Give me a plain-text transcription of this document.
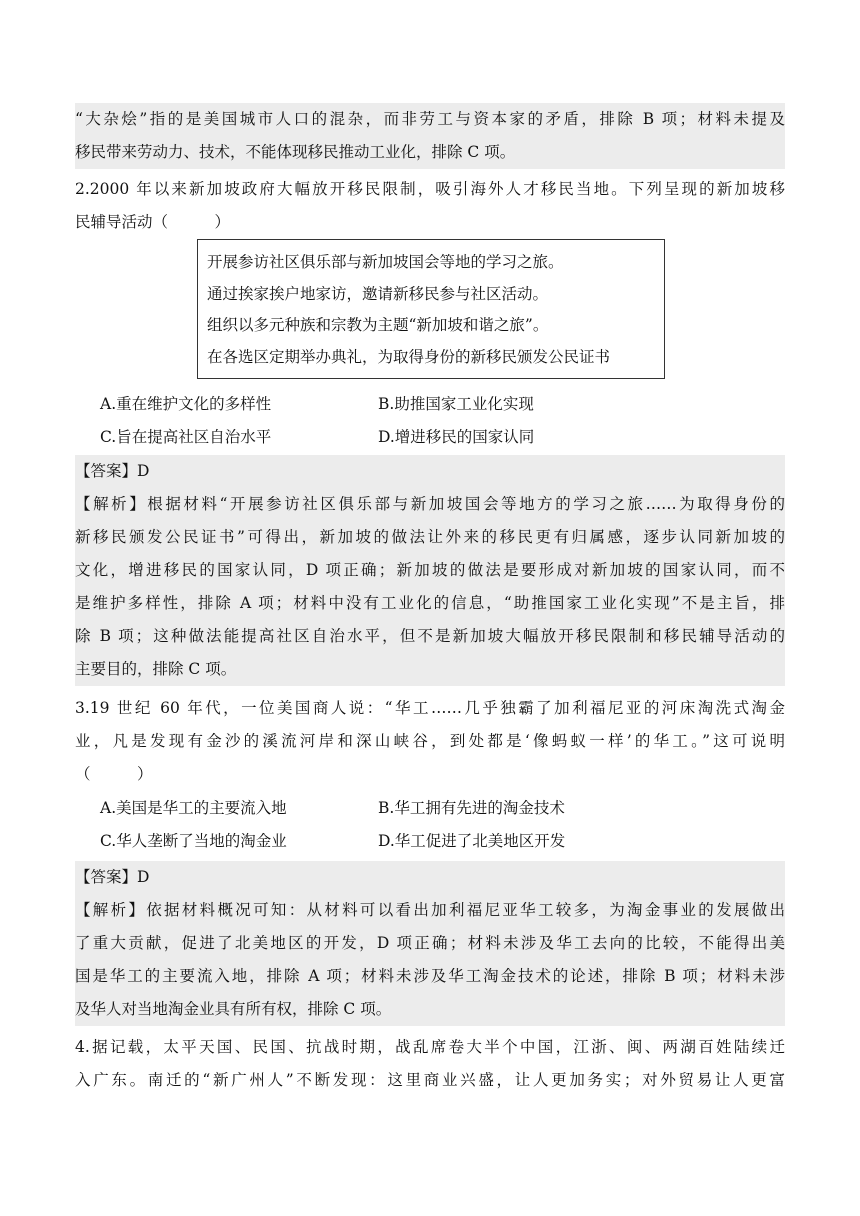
“大杂烩”指的是美国城市人口的混杂，而非劳工与资本家的矛盾，排除 B 项；材料未提及
移民带来劳动力、技术，不能体现移民推动工业化，排除 C 项。
2.2000 年以来新加坡政府大幅放开移民限制，吸引海外人才移民当地。下列呈现的新加坡移
民辅导活动（　　　）
开展参访社区俱乐部与新加坡国会等地的学习之旅。
通过挨家挨户地家访，邀请新移民参与社区活动。
组织以多元种族和宗教为主题“新加坡和谐之旅”。
在各选区定期举办典礼，为取得身份的新移民颁发公民证书
A.重在维护文化的多样性	B.助推国家工业化实现
C.旨在提高社区自治水平	D.增进移民的国家认同
【答案】D
【解析】根据材料“开展参访社区俱乐部与新加坡国会等地方的学习之旅……为取得身份的
新移民颁发公民证书”可得出，新加坡的做法让外来的移民更有归属感，逐步认同新加坡的
文化，增进移民的国家认同，D 项正确；新加坡的做法是要形成对新加坡的国家认同，而不
是维护多样性，排除 A 项；材料中没有工业化的信息，“助推国家工业化实现”不是主旨，排
除 B 项；这种做法能提高社区自治水平，但不是新加坡大幅放开移民限制和移民辅导活动的
主要目的，排除 C 项。
3.19 世纪 60 年代，一位美国商人说：“华工……几乎独霸了加利福尼亚的河床淘洗式淘金
业，凡是发现有金沙的溪流河岸和深山峡谷，到处都是‘像蚂蚁一样’的华工。”这可说明
（　　　）
A.美国是华工的主要流入地	B.华工拥有先进的淘金技术
C.华人垄断了当地的淘金业	D.华工促进了北美地区开发
【答案】D
【解析】依据材料概况可知：从材料可以看出加利福尼亚华工较多，为淘金事业的发展做出
了重大贡献，促进了北美地区的开发，D 项正确；材料未涉及华工去向的比较，不能得出美
国是华工的主要流入地，排除 A 项；材料未涉及华工淘金技术的论述，排除 B 项；材料未涉
及华人对当地淘金业具有所有权，排除 C 项。
4.据记载，太平天国、民国、抗战时期，战乱席卷大半个中国，江浙、闽、两湖百姓陆续迁
入广东。南迁的“新广州人”不断发现：这里商业兴盛，让人更加务实；对外贸易让人更富
